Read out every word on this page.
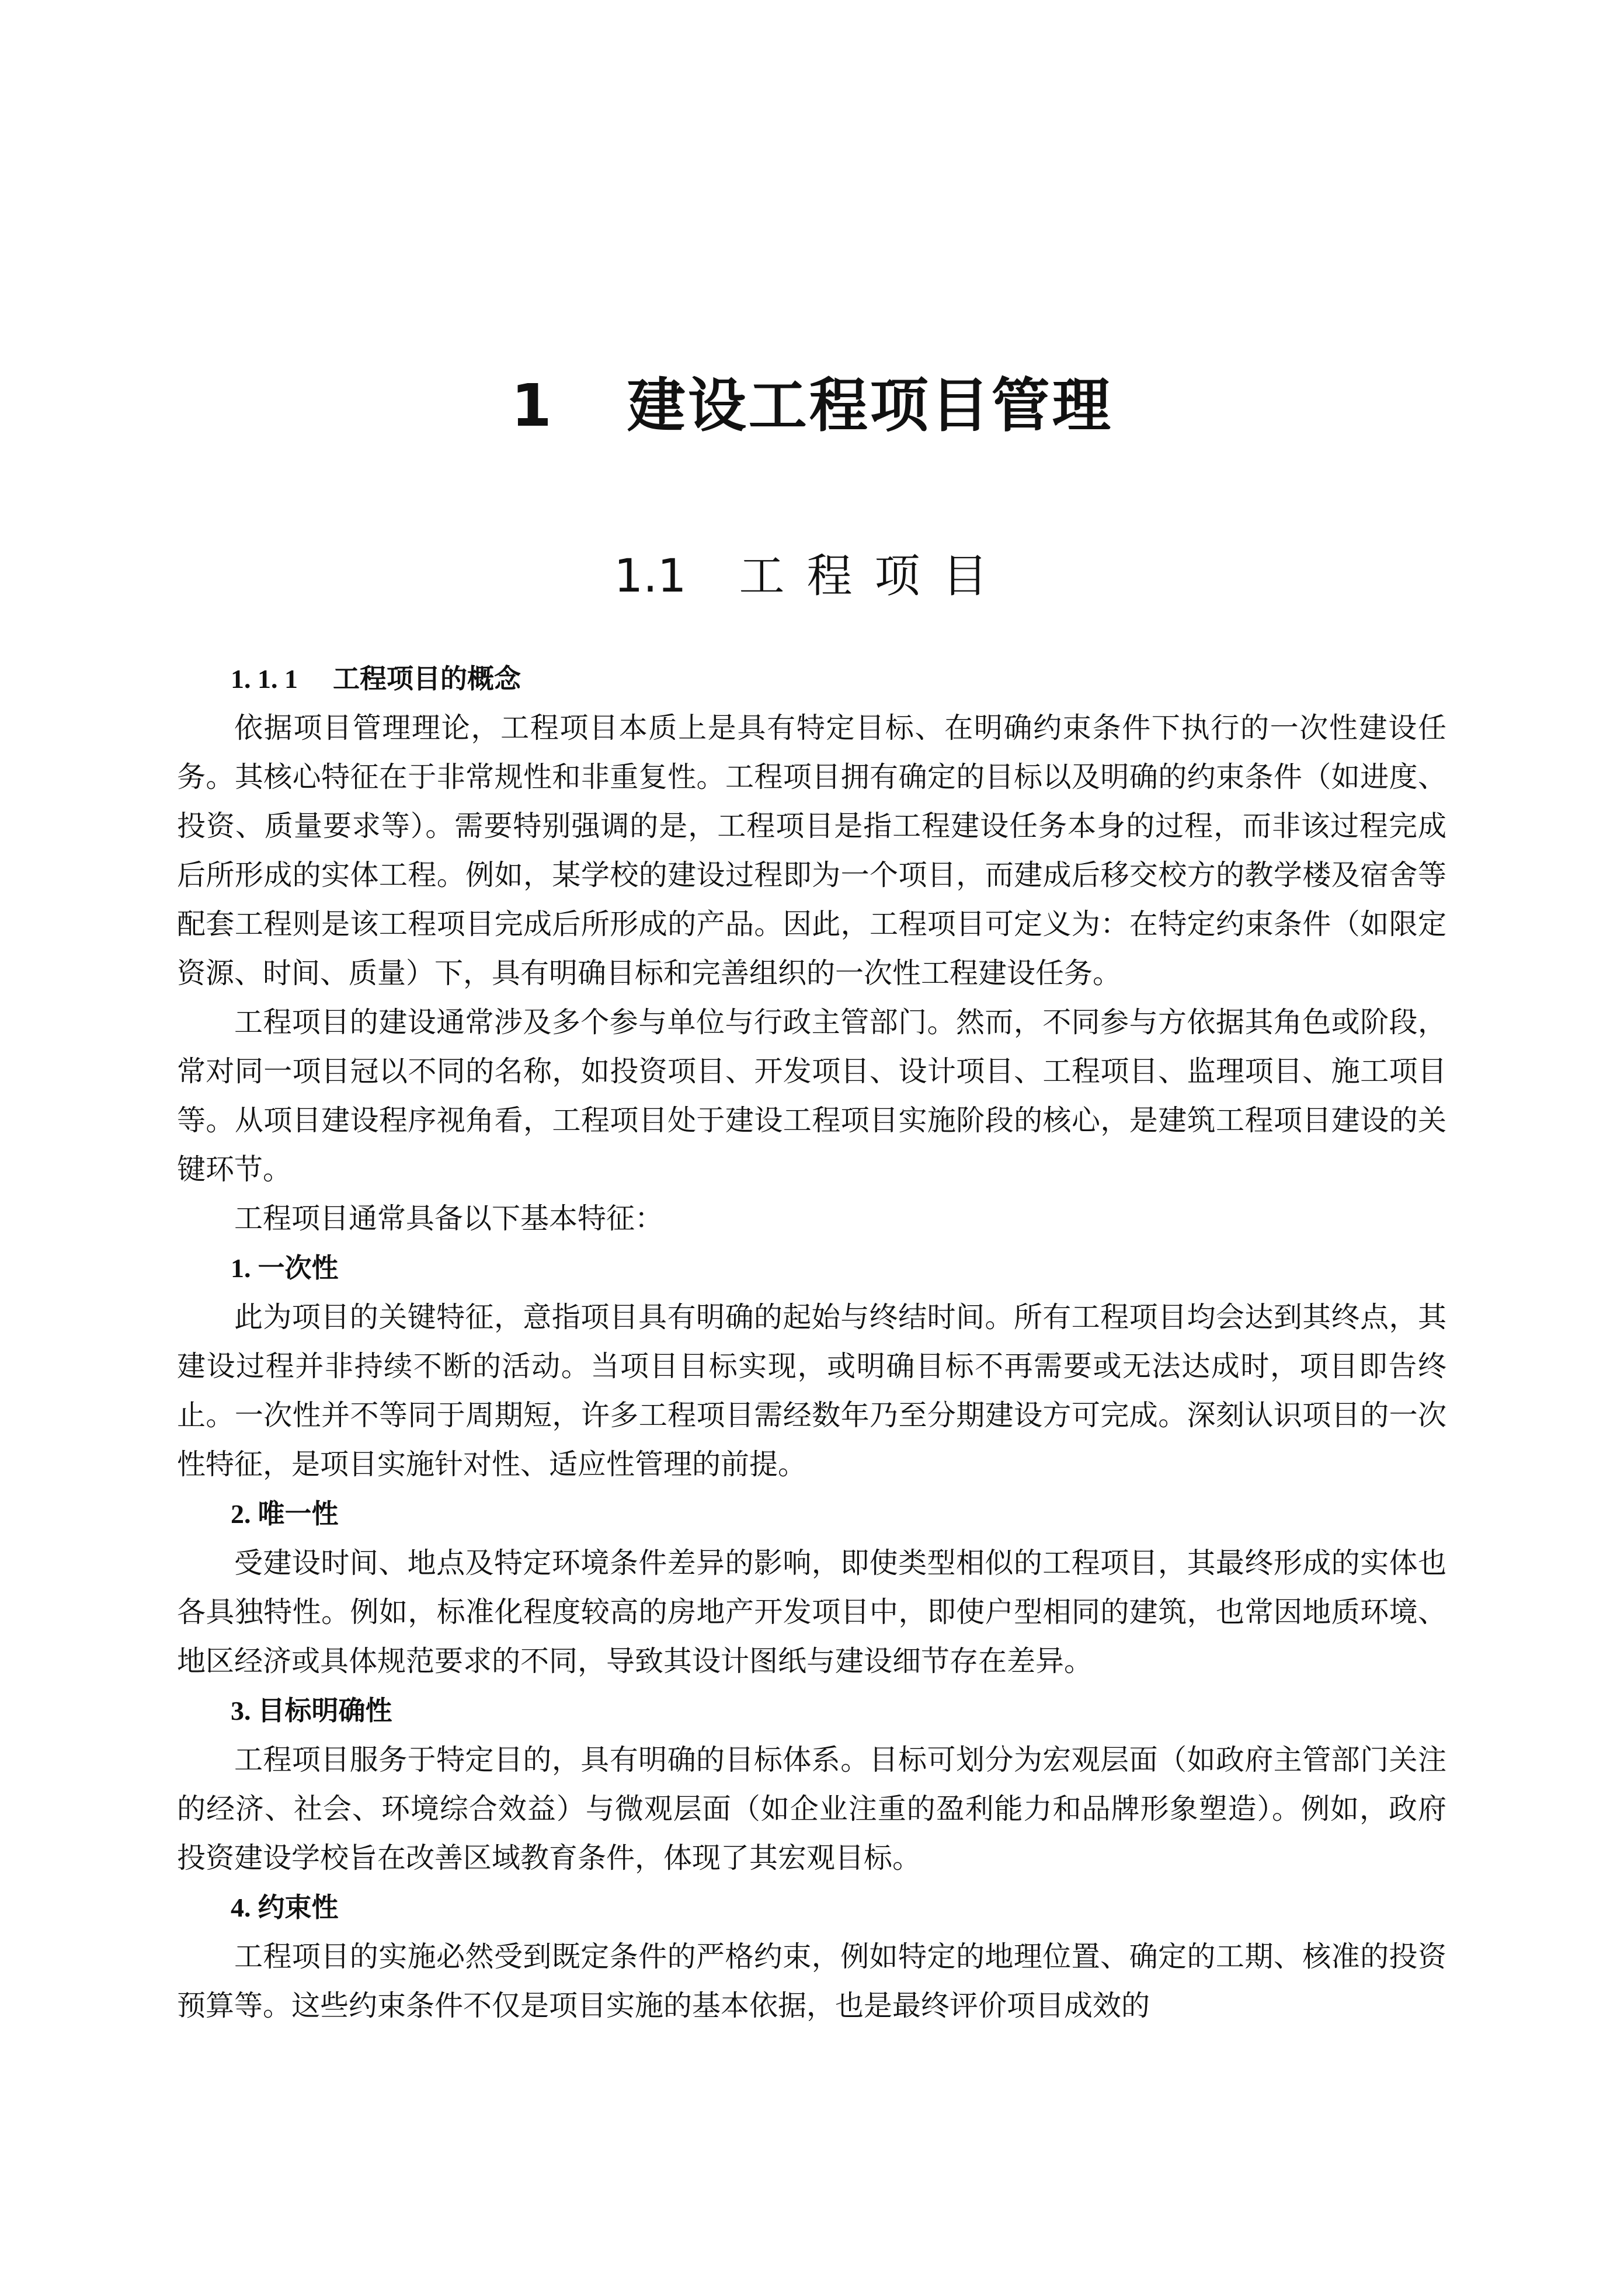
1 建设工程项目管理
1.1 工程项目
1. 1. 1 工程项目的概念

依据项目管理理论，工程项目本质上是具有特定目标、在明确约束条件下执行的一次性建设任务。其核心特征在于非常规性和非重复性。工程项目拥有确定的目标以及明确的约束条件（如进度、投资、质量要求等）。需要特别强调的是，工程项目是指工程建设任务本身的过程，而非该过程完成后所形成的实体工程。例如，某学校的建设过程即为一个项目，而建成后移交校方的教学楼及宿舍等配套工程则是该工程项目完成后所形成的产品。因此，工程项目可定义为：在特定约束条件（如限定资源、时间、质量）下，具有明确目标和完善组织的一次性工程建设任务。

工程项目的建设通常涉及多个参与单位与行政主管部门。然而，不同参与方依据其角色或阶段，常对同一项目冠以不同的名称，如投资项目、开发项目、设计项目、工程项目、监理项目、施工项目等。从项目建设程序视角看，工程项目处于建设工程项目实施阶段的核心，是建筑工程项目建设的关键环节。

工程项目通常具备以下基本特征：

1. 一次性

此为项目的关键特征，意指项目具有明确的起始与终结时间。所有工程项目均会达到其终点，其建设过程并非持续不断的活动。当项目目标实现，或明确目标不再需要或无法达成时，项目即告终止。一次性并不等同于周期短，许多工程项目需经数年乃至分期建设方可完成。深刻认识项目的一次性特征，是项目实施针对性、适应性管理的前提。

2. 唯一性

受建设时间、地点及特定环境条件差异的影响，即使类型相似的工程项目，其最终形成的实体也各具独特性。例如，标准化程度较高的房地产开发项目中，即使户型相同的建筑，也常因地质环境、地区经济或具体规范要求的不同，导致其设计图纸与建设细节存在差异。

3. 目标明确性

工程项目服务于特定目的，具有明确的目标体系。目标可划分为宏观层面（如政府主管部门关注的经济、社会、环境综合效益）与微观层面（如企业注重的盈利能力和品牌形象塑造）。例如，政府投资建设学校旨在改善区域教育条件，体现了其宏观目标。

4. 约束性

工程项目的实施必然受到既定条件的严格约束，例如特定的地理位置、确定的工期、核准的投资预算等。这些约束条件不仅是项目实施的基本依据，也是最终评价项目成效的
